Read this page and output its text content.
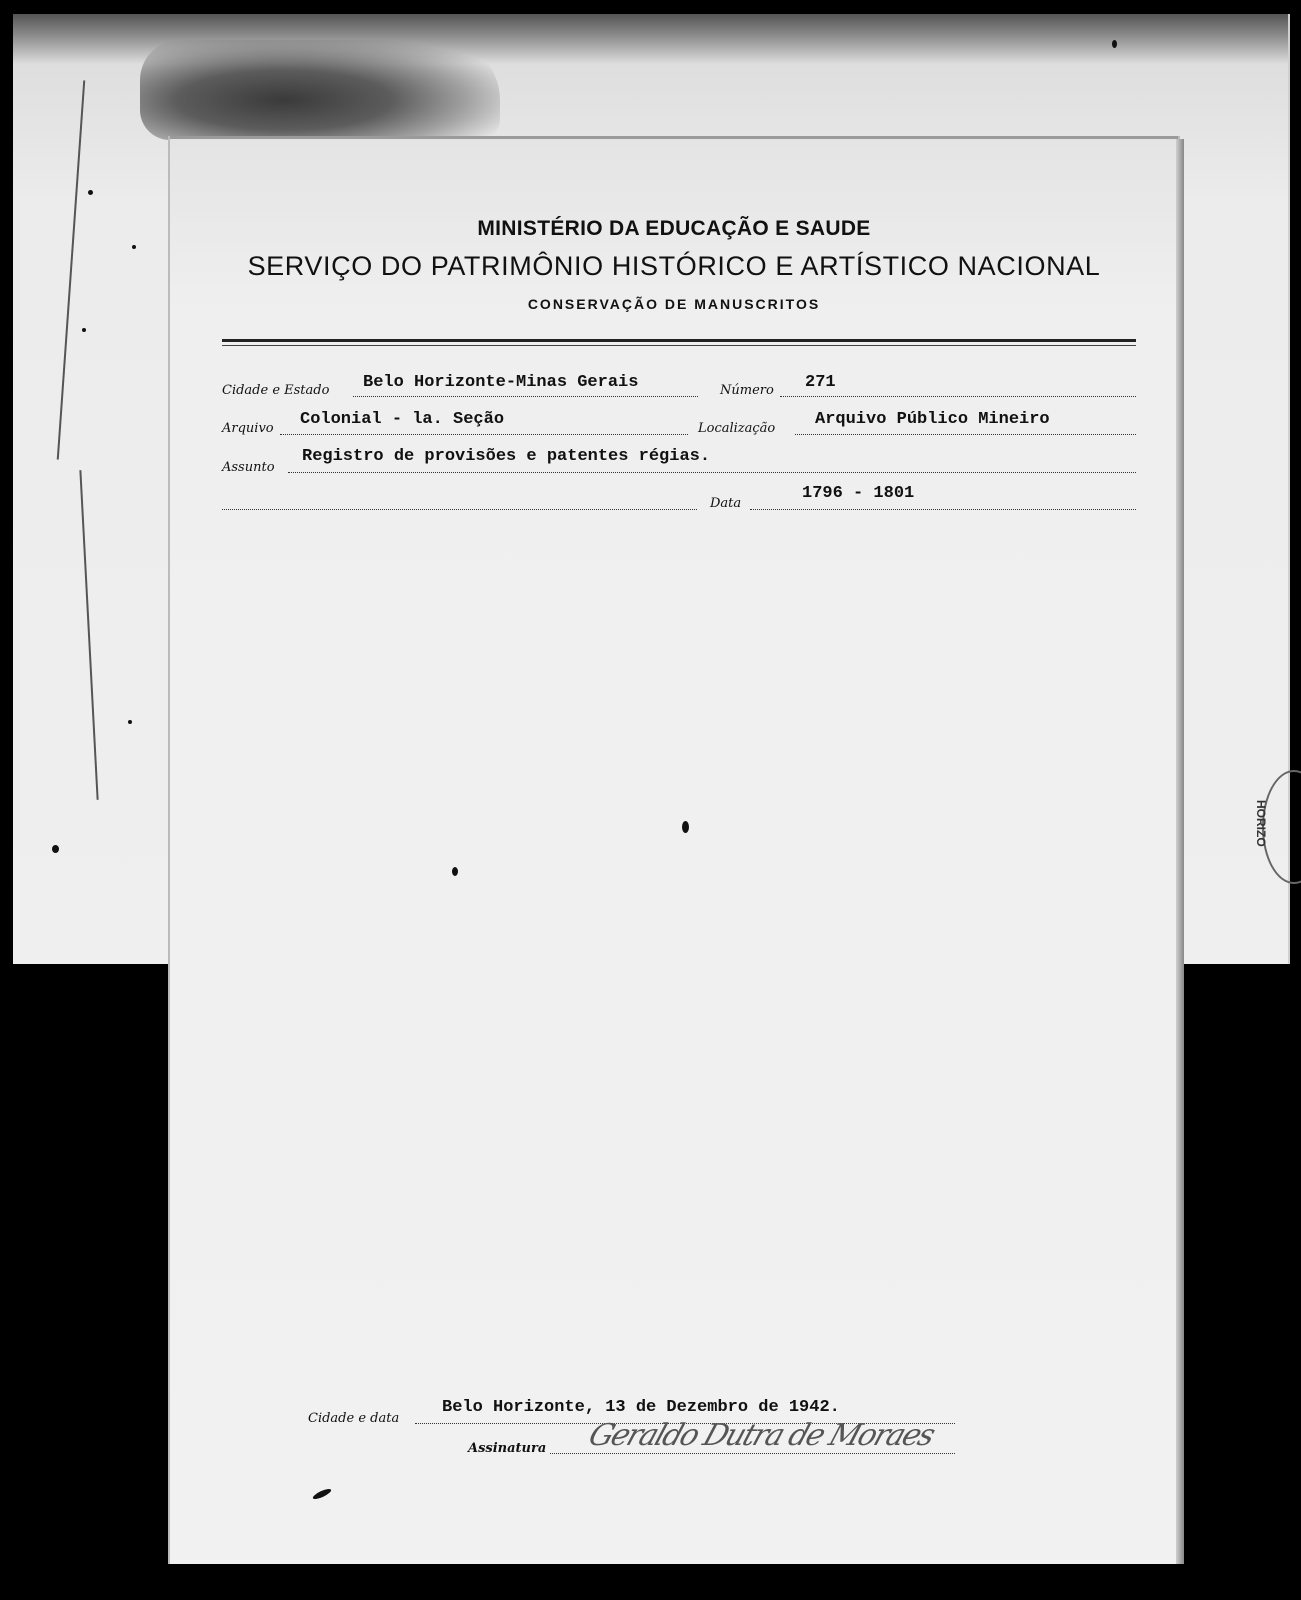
HORIZO
MINISTÉRIO DA EDUCAÇÃO E SAUDE
SERVIÇO DO PATRIMÔNIO HISTÓRICO E ARTÍSTICO NACIONAL
CONSERVAÇÃO DE MANUSCRITOS
Cidade e Estado Belo Horizonte-Minas Gerais	Número 271
Arquivo Colonial - la. Seção	Localização Arquivo Público Mineiro
Assunto
Registro de provisões e patentes régias.
Data
1796 - 1801
Cidade e data
Belo Horizonte, 13 de Dezembro de 1942.
Assinatura Geraldo Dutra de Moraes
